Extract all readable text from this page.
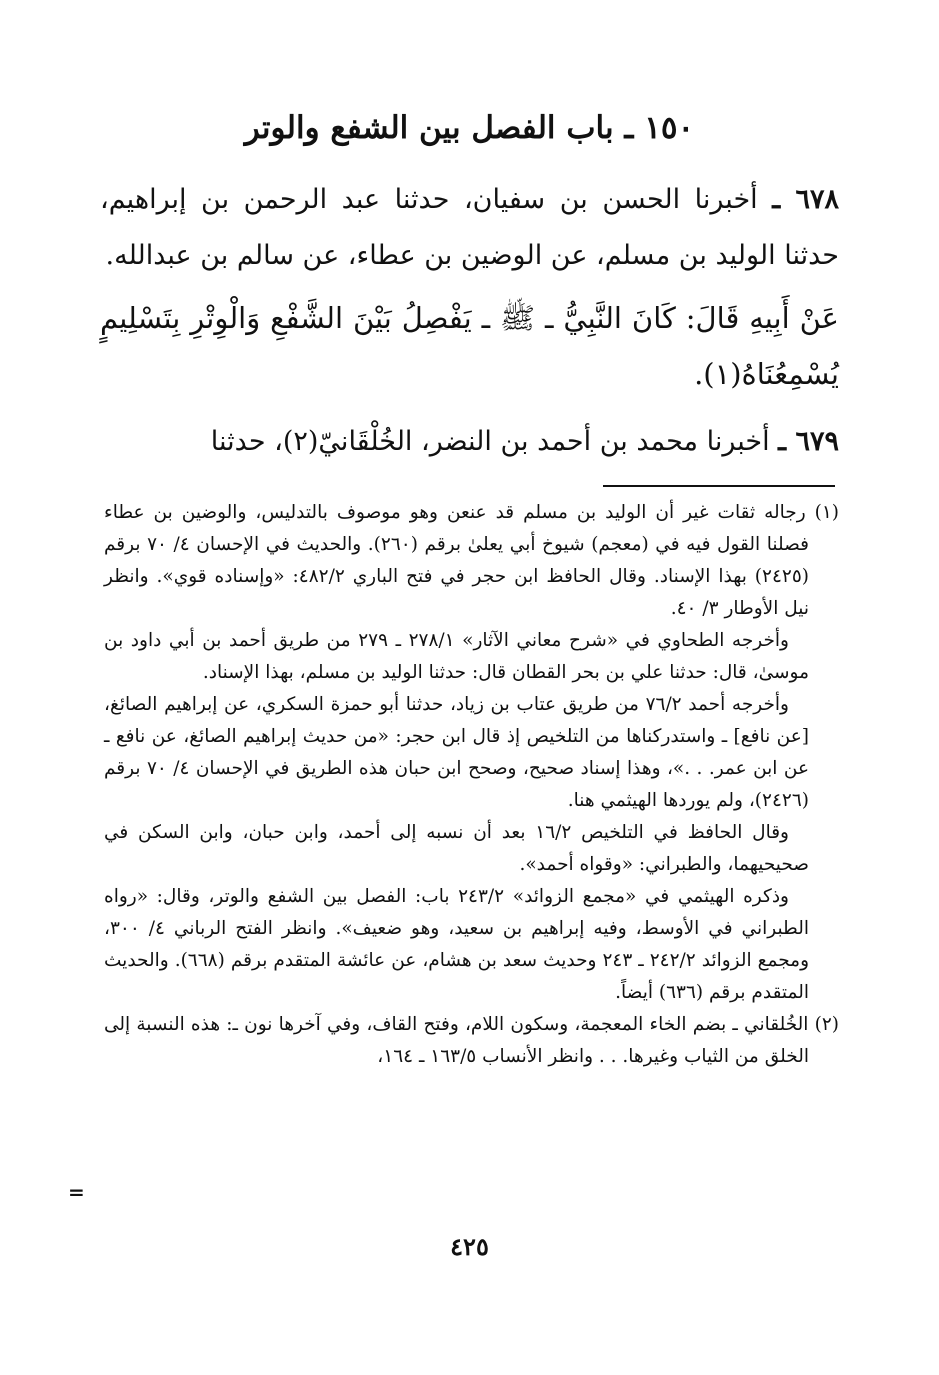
١٥٠ ـ باب الفصل بين الشفع والوتر

٦٧٨ ـ أخبرنا الحسن بن سفيان، حدثنا عبد الرحمن بن إبراهيم، حدثنا الوليد بن مسلم، عن الوضين بن عطاء، عن سالم بن عبدالله.

عَنْ أَبِيهِ قَالَ: كَانَ النَّبِيُّ ـ ﷺ ـ يَفْصِلُ بَيْنَ الشَّفْعِ وَالْوِتْرِ بِتَسْلِيمٍ يُسْمِعُنَاهُ(١).

٦٧٩ ـ أخبرنا محمد بن أحمد بن النضر، الخُلْقَانيّ(٢)، حدثنا

(١) رجاله ثقات غير أن الوليد بن مسلم قد عنعن وهو موصوف بالتدليس، والوضين بن عطاء فصلنا القول فيه في (معجم) شيوخ أبي يعلىٰ برقم (٢٦٠). والحديث في الإحسان ٤/ ٧٠ برقم (٢٤٢٥) بهذا الإسناد. وقال الحافظ ابن حجر في فتح الباري ٤٨٢/٢: «وإسناده قوي». وانظر نيل الأوطار ٣/ ٤٠.

وأخرجه الطحاوي في «شرح معاني الآثار» ٢٧٨/١ ـ ٢٧٩ من طريق أحمد بن أبي داود بن موسىٰ، قال: حدثنا علي بن بحر القطان قال: حدثنا الوليد بن مسلم، بهذا الإسناد.

وأخرجه أحمد ٧٦/٢ من طريق عتاب بن زياد، حدثنا أبو حمزة السكري، عن إبراهيم الصائغ، [عن نافع] ـ واستدركناها من التلخيص إذ قال ابن حجر: «من حديث إبراهيم الصائغ، عن نافع ـ عن ابن عمر. . .»، وهذا إسناد صحيح، وصحح ابن حبان هذه الطريق في الإحسان ٤/ ٧٠ برقم (٢٤٢٦)، ولم يوردها الهيثمي هنا.

وقال الحافظ في التلخيص ١٦/٢ بعد أن نسبه إلى أحمد، وابن حبان، وابن السكن في صحيحيهما، والطبراني: «وقواه أحمد».

وذكره الهيثمي في «مجمع الزوائد» ٢٤٣/٢ باب: الفصل بين الشفع والوتر، وقال: «رواه الطبراني في الأوسط، وفيه إبراهيم بن سعيد، وهو ضعيف». وانظر الفتح الرباني ٤/ ٣٠٠، ومجمع الزوائد ٢٤٢/٢ ـ ٢٤٣ وحديث سعد بن هشام، عن عائشة المتقدم برقم (٦٦٨). والحديث المتقدم برقم (٦٣٦) أيضاً.

(٢) الخُلقاني ـ بضم الخاء المعجمة، وسكون اللام، وفتح القاف، وفي آخرها نون ـ: هذه النسبة إلى الخلق من الثياب وغيرها. . . وانظر الأنساب ١٦٣/٥ ـ ١٦٤،

=
٤٢٥
